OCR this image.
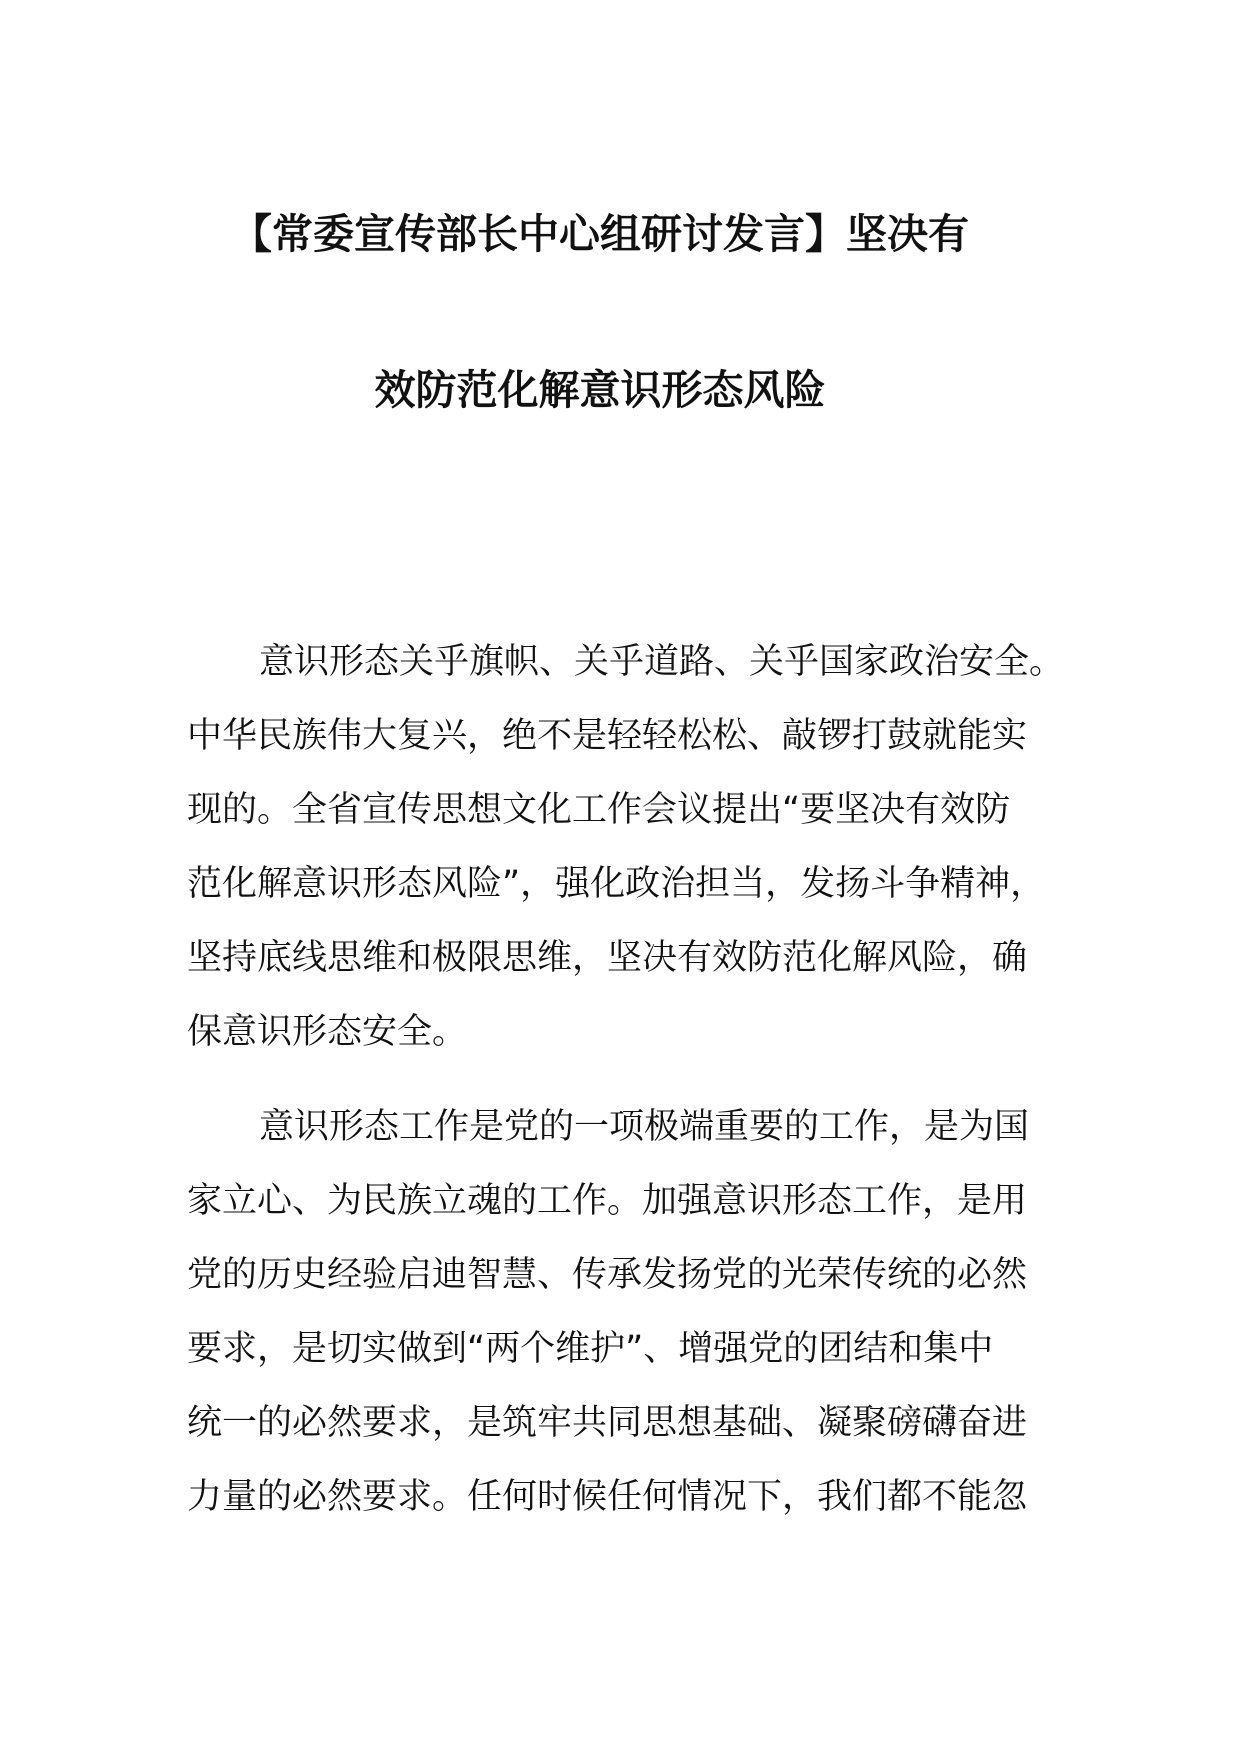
【常委宣传部长中心组研讨发言】坚决有
效防范化解意识形态风险
意识形态关乎旗帜、关乎道路、关乎国家政治安全。
中华民族伟大复兴，绝不是轻轻松松、敲锣打鼓就能实
现的。全省宣传思想文化工作会议提出“要坚决有效防
范化解意识形态风险”，强化政治担当，发扬斗争精神，
坚持底线思维和极限思维，坚决有效防范化解风险，确
保意识形态安全。
意识形态工作是党的一项极端重要的工作，是为国
家立心、为民族立魂的工作。加强意识形态工作，是用
党的历史经验启迪智慧、传承发扬党的光荣传统的必然
要求，是切实做到“两个维护”、增强党的团结和集中
统一的必然要求，是筑牢共同思想基础、凝聚磅礴奋进
力量的必然要求。任何时候任何情况下，我们都不能忽
